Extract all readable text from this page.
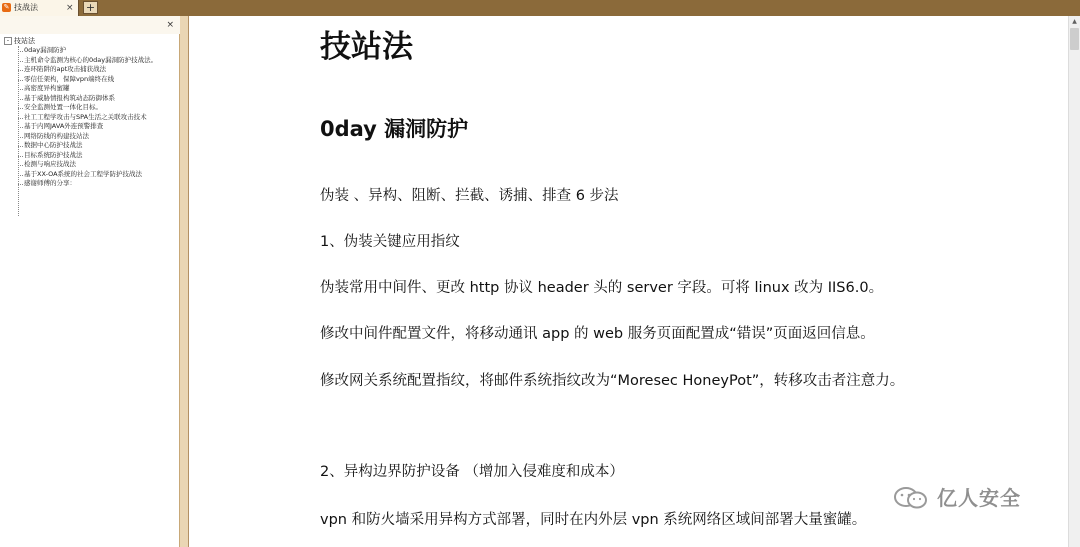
✎ 技战法	× +
×
- 技站法
0day漏洞防护
主机命令监测为核心的0day漏洞防护技战法。
连环陷阱的apt攻击捕获战法
零信任架构，保障vpn端终在线
高密度异构蜜罐
基于威胁情报构筑动态防御体系
安全监测处置一体化目标。
社工工程学攻击与SPA生活之关联攻击技术
基于内网JAVA外连预警排查
网络防线的构建技站法
数据中心防护技战法
目标系统防护技战法
检测与响应技战法
基于XX-OA系统的社会工程学防护技战法
感谢师傅的分享：
技站法
0day 漏洞防护
伪装 、异构、阻断、拦截、诱捕、排查 6 步法
1、伪装关键应用指纹
伪装常用中间件、更改 http 协议 header 头的 server 字段。可将 linux 改为 IIS6.0。
修改中间件配置文件，将移动通讯 app 的 web 服务页面配置成“错误”页面返回信息。
修改网关系统配置指纹，将邮件系统指纹改为“Moresec HoneyPot”，转移攻击者注意力。
2、异构边界防护设备 （增加入侵难度和成本）
vpn 和防火墙采用异构方式部署，同时在内外层 vpn 系统网络区域间部署大量蜜罐。
▲
亿人安全
